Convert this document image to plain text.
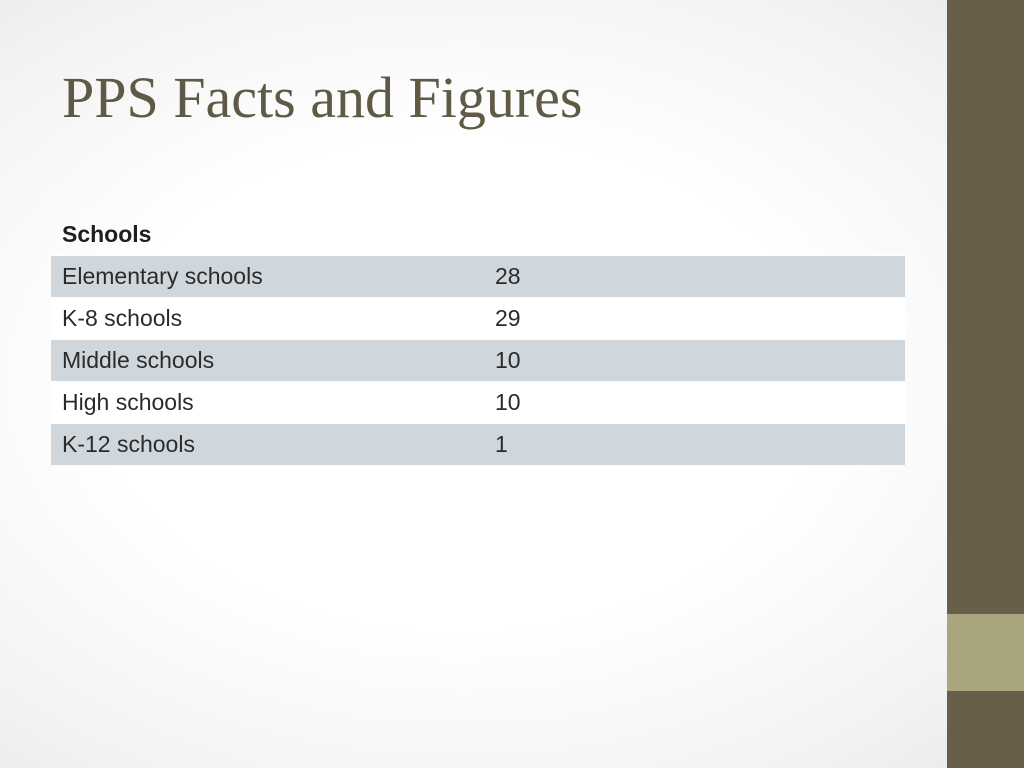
PPS Facts and Figures
Schools	
Elementary schools	28
K-8 schools	29
Middle schools	10
High schools	10
K-12 schools	1
